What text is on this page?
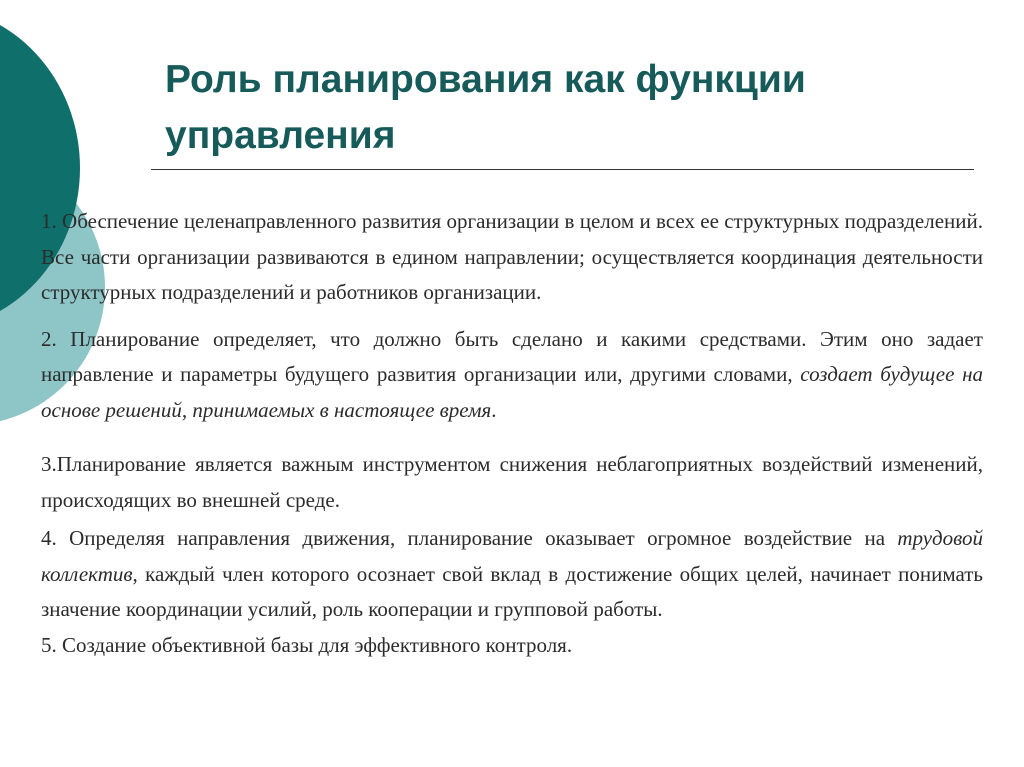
Роль планирования как функции управления

1. Обеспечение целенаправленного развития организации в целом и всех ее структурных подразделений. Все части организации развиваются в едином направлении; осуществляется координация деятельности структурных подразделений и работников организации.

2. Планирование определяет, что должно быть сделано и какими средствами. Этим оно задает направление и параметры будущего развития организации или, другими словами, создает будущее на основе решений, принимаемых в настоящее время.

3.Планирование является важным инструментом снижения неблагоприятных воздействий изменений, происходящих во внешней среде.

4. Определяя направления движения, планирование оказывает огромное воздействие на трудовой коллектив, каждый член которого осознает свой вклад в достижение общих целей, начинает понимать значение координации усилий, роль кооперации и групповой работы.

5. Создание объективной базы для эффективного контроля.
